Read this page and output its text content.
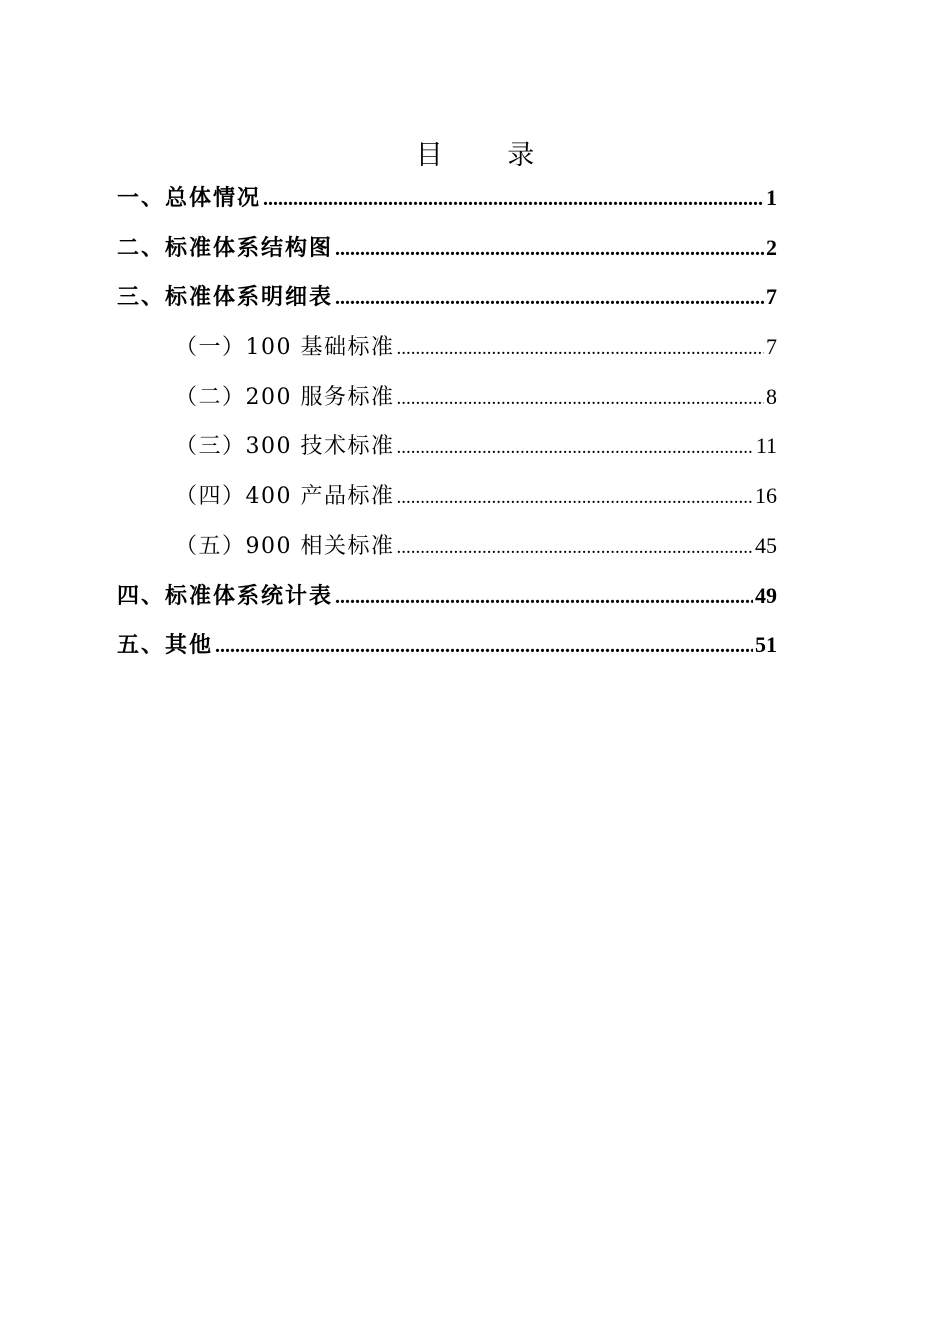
目 录
一、总体情况 .....	1
二、标准体系结构图 .....	2
三、标准体系明细表 .....	7
（一）100 基础标准 .....	7
（二）200 服务标准 .....	8
（三）300 技术标准 .....	11
（四）400 产品标准 .....	16
（五）900 相关标准 .....	45
四、标准体系统计表 .....	49
五、其他 .....	51
